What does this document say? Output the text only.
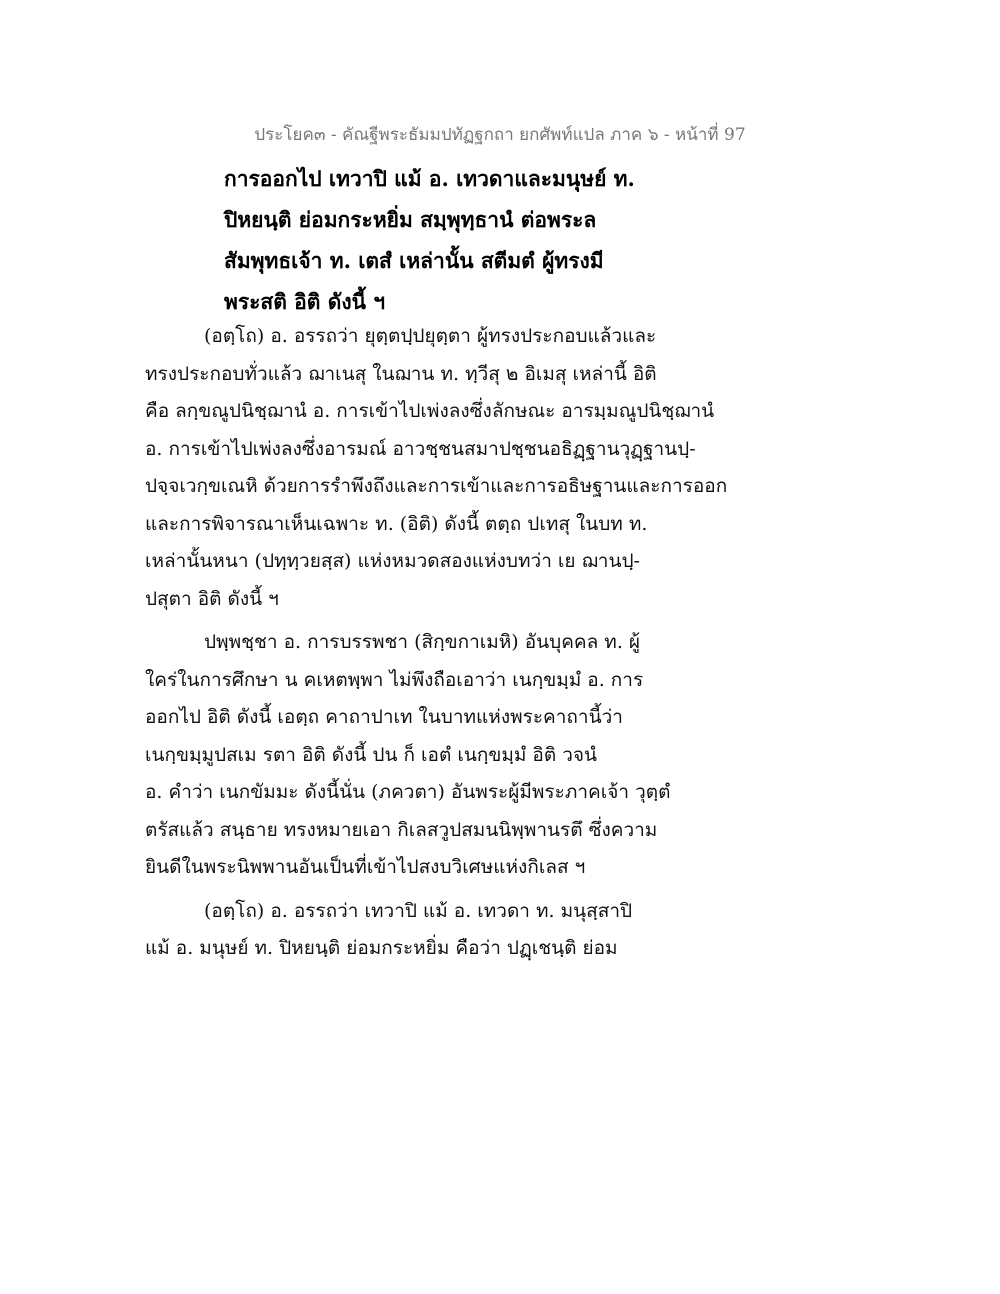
ประโยค๓ - คัณฐีพระธัมมปทัฏฐกถา ยกศัพท์แปล ภาค ๖ - หน้าที่ 97
การออกไป เทวาปิ แม้ อ. เทวดาและมนุษย์ ท.
ปิหยนฺติ ย่อมกระหยิ่ม สมฺพุทฺธานํ ต่อพระล
สัมพุทธเจ้า ท. เตสํ เหล่านั้น สตีมตํ ผู้ทรงมี
พระสติ อิติ ดังนี้ ฯ
(อตฺโถ) อ. อรรถว่า ยุตฺตปฺปยุตฺตา ผู้ทรงประกอบแล้วและ
ทรงประกอบทั่วแล้ว ฌาเนสุ ในฌาน ท. ทฺวีสุ ๒ อิเมสุ เหล่านี้ อิติ
คือ ลกฺขณูปนิชฺฌานํ อ. การเข้าไปเพ่งลงซึ่งลักษณะ อารมฺมณูปนิชฺฌานํ
อ. การเข้าไปเพ่งลงซึ่งอารมณ์ อาวชฺชนสมาปชฺชนอธิฏฺฐานวุฏฺฐานปฺ-
ปจฺจเวกฺขเณหิ ด้วยการรำพึงถึงและการเข้าและการอธิษฐานและการออก
และการพิจารณาเห็นเฉพาะ ท. (อิติ) ดังนี้ ตตฺถ ปเทสุ ในบท ท.
เหล่านั้นหนา (ปทฺทฺวยสฺส) แห่งหมวดสองแห่งบทว่า เย ฌานปฺ-
ปสุตา อิติ ดังนี้ ฯ
ปพฺพชฺชา อ. การบรรพชา (สิกฺขกาเมหิ) อันบุคคล ท. ผู้
ใคร่ในการศึกษา น คเหตพฺพา ไม่พึงถือเอาว่า เนกฺขมฺมํ อ. การ
ออกไป อิติ ดังนี้ เอตฺถ คาถาปาเท ในบาทแห่งพระคาถานี้ว่า
เนกฺขมฺมูปสเม รตา อิติ ดังนี้ ปน ก็ เอตํ เนกฺขมฺมํ อิติ วจนํ
อ. คำว่า เนกขัมมะ ดังนี้นั่น (ภควตา) อันพระผู้มีพระภาคเจ้า วุตฺตํ
ตรัสแล้ว สนฺธาย ทรงหมายเอา กิเลสวูปสมนนิพฺพานรตึ ซึ่งความ
ยินดีในพระนิพพานอันเป็นที่เข้าไปสงบวิเศษแห่งกิเลส ฯ
(อตฺโถ) อ. อรรถว่า เทวาปิ แม้ อ. เทวดา ท. มนุสฺสาปิ
แม้ อ. มนุษย์ ท. ปิหยนฺติ ย่อมกระหยิ่ม คือว่า ปฏฺเชนฺติ ย่อม
